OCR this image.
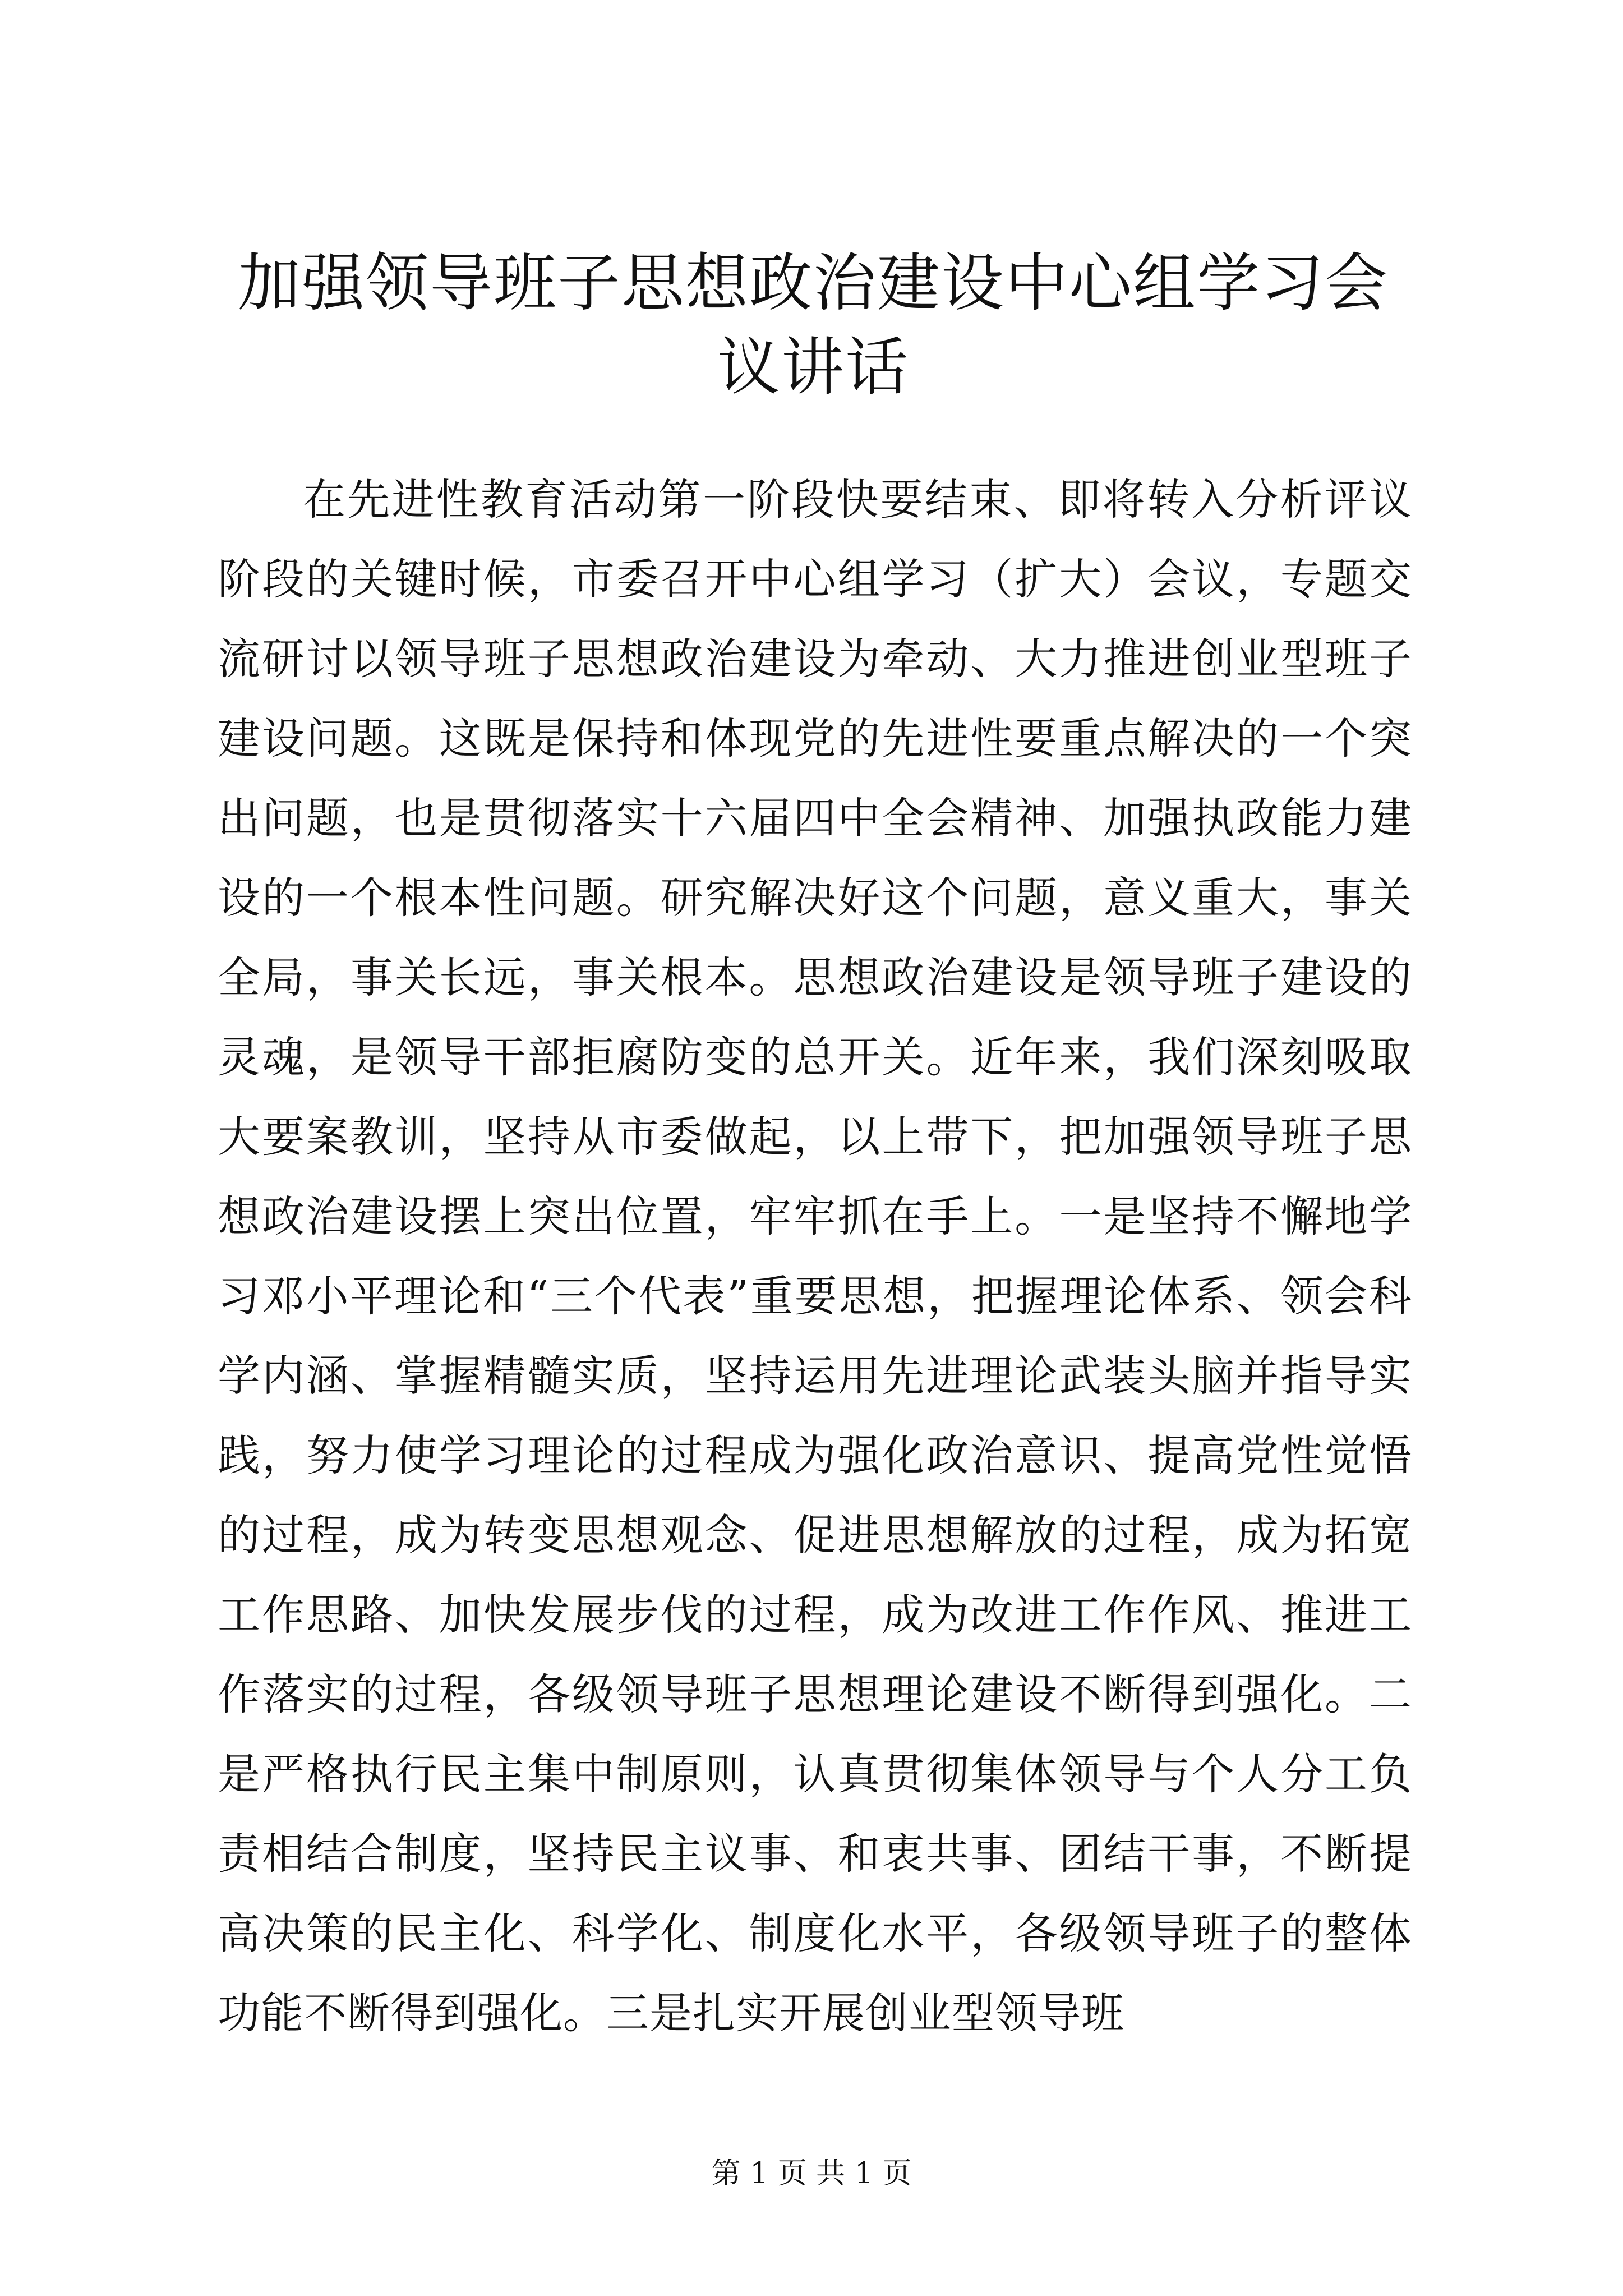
加强领导班子思想政治建设中心组学习会议讲话

在先进性教育活动第一阶段快要结束、即将转入分析评议阶段的关键时候，市委召开中心组学习（扩大）会议，专题交流研讨以领导班子思想政治建设为牵动、大力推进创业型班子建设问题。这既是保持和体现党的先进性要重点解决的一个突出问题，也是贯彻落实十六届四中全会精神、加强执政能力建设的一个根本性问题。研究解决好这个问题，意义重大，事关全局，事关长远，事关根本。思想政治建设是领导班子建设的灵魂，是领导干部拒腐防变的总开关。近年来，我们深刻吸取大要案教训，坚持从市委做起，以上带下，把加强领导班子思想政治建设摆上突出位置，牢牢抓在手上。一是坚持不懈地学习邓小平理论和“三个代表”重要思想，把握理论体系、领会科学内涵、掌握精髓实质，坚持运用先进理论武装头脑并指导实践，努力使学习理论的过程成为强化政治意识、提高党性觉悟的过程，成为转变思想观念、促进思想解放的过程，成为拓宽工作思路、加快发展步伐的过程，成为改进工作作风、推进工作落实的过程，各级领导班子思想理论建设不断得到强化。二是严格执行民主集中制原则，认真贯彻集体领导与个人分工负责相结合制度，坚持民主议事、和衷共事、团结干事，不断提高决策的民主化、科学化、制度化水平，各级领导班子的整体功能不断得到强化。三是扎实开展创业型领导班

第 1 页 共 1 页
